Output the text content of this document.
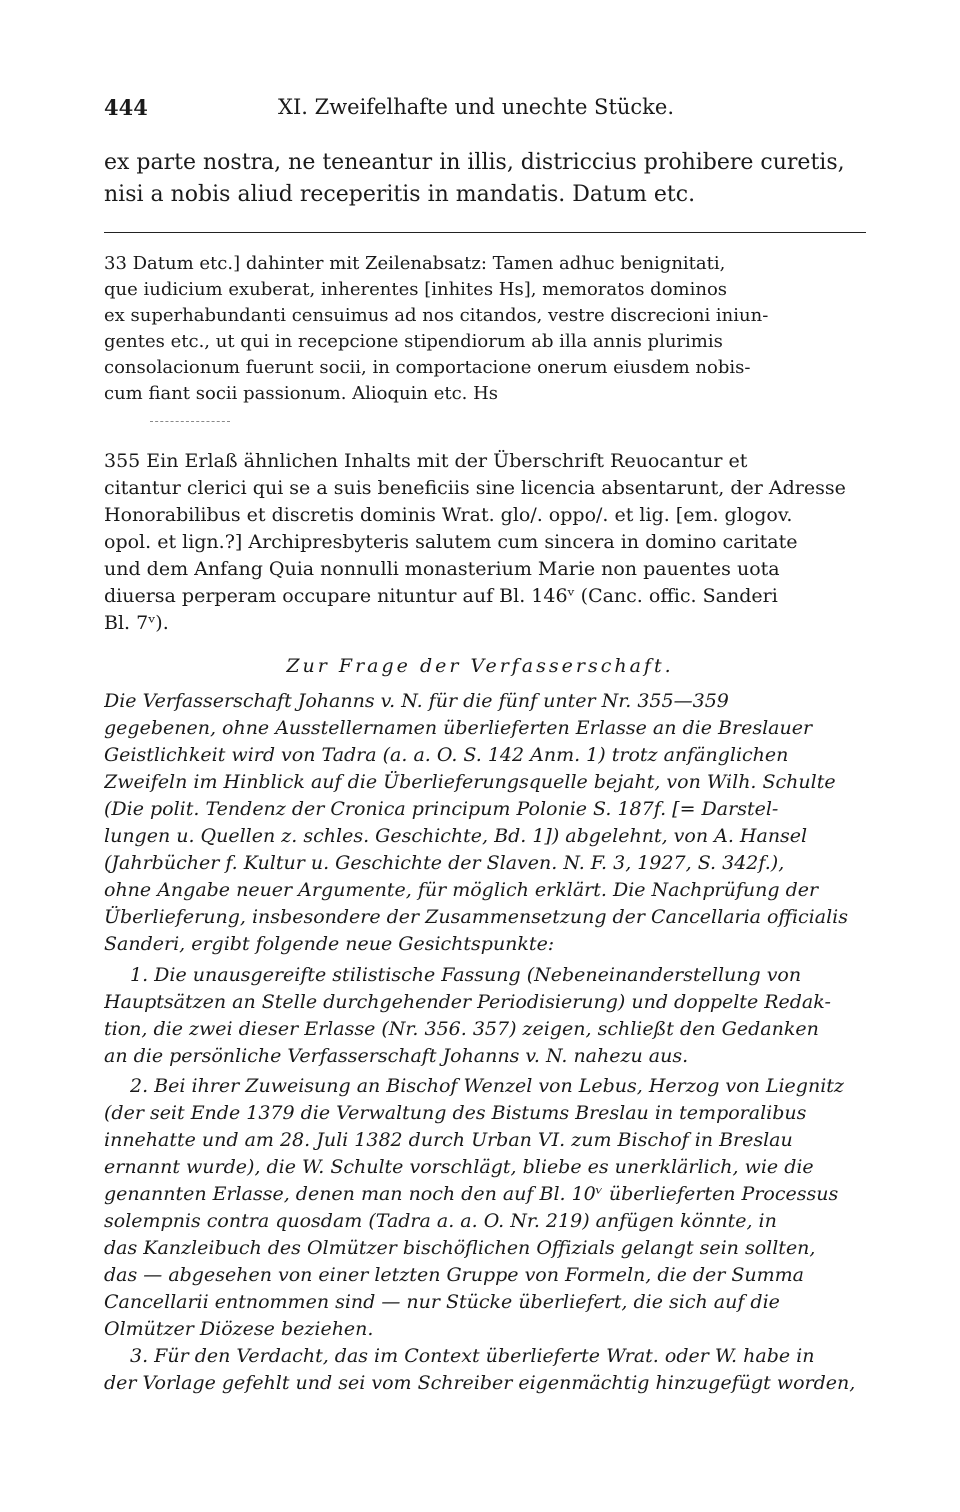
444	XI. Zweifelhafte und unechte Stücke.
ex parte nostra, ne teneantur in illis, districcius prohibere curetis,
nisi a nobis aliud receperitis in mandatis. Datum etc.
33 Datum etc.] dahinter mit Zeilenabsatz: Tamen adhuc benignitati,
que iudicium exuberat, inherentes [inhites Hs], memoratos dominos
ex superhabundanti censuimus ad nos citandos, vestre discrecioni iniun-
gentes etc., ut qui in recepcione stipendiorum ab illa annis plurimis
consolacionum fuerunt socii, in comportacione onerum eiusdem nobis-
cum fiant socii passionum. Alioquin etc. Hs
355 Ein Erlaß ähnlichen Inhalts mit der Überschrift Reuocantur et
citantur clerici qui se a suis beneficiis sine licencia absentarunt, der Adresse
Honorabilibus et discretis dominis Wrat. glo/. oppo/. et lig. [em. glogov.
opol. et lign.?] Archipresbyteris salutem cum sincera in domino caritate
und dem Anfang Quia nonnulli monasterium Marie non pauentes uota
diuersa perperam occupare nituntur auf Bl. 146ᵛ (Canc. offic. Sanderi
Bl. 7ᵛ).
Zur Frage der Verfasserschaft.
Die Verfasserschaft Johanns v. N. für die fünf unter Nr. 355—359
gegebenen, ohne Ausstellernamen überlieferten Erlasse an die Breslauer
Geistlichkeit wird von Tadra (a. a. O. S. 142 Anm. 1) trotz anfänglichen
Zweifeln im Hinblick auf die Überlieferungsquelle bejaht, von Wilh. Schulte
(Die polit. Tendenz der Cronica principum Polonie S. 187f. [= Darstel-
lungen u. Quellen z. schles. Geschichte, Bd. 1]) abgelehnt, von A. Hansel
(Jahrbücher f. Kultur u. Geschichte der Slaven. N. F. 3, 1927, S. 342f.),
ohne Angabe neuer Argumente, für möglich erklärt. Die Nachprüfung der
Überlieferung, insbesondere der Zusammensetzung der Cancellaria officialis
Sanderi, ergibt folgende neue Gesichtspunkte:
1. Die unausgereifte stilistische Fassung (Nebeneinanderstellung von
Hauptsätzen an Stelle durchgehender Periodisierung) und doppelte Redak-
tion, die zwei dieser Erlasse (Nr. 356. 357) zeigen, schließt den Gedanken
an die persönliche Verfasserschaft Johanns v. N. nahezu aus.
2. Bei ihrer Zuweisung an Bischof Wenzel von Lebus, Herzog von Liegnitz
(der seit Ende 1379 die Verwaltung des Bistums Breslau in temporalibus
innehatte und am 28. Juli 1382 durch Urban VI. zum Bischof in Breslau
ernannt wurde), die W. Schulte vorschlägt, bliebe es unerklärlich, wie die
genannten Erlasse, denen man noch den auf Bl. 10ᵛ überlieferten Processus
solempnis contra quosdam (Tadra a. a. O. Nr. 219) anfügen könnte, in
das Kanzleibuch des Olmützer bischöflichen Offizials gelangt sein sollten,
das — abgesehen von einer letzten Gruppe von Formeln, die der Summa
Cancellarii entnommen sind — nur Stücke überliefert, die sich auf die
Olmützer Diözese beziehen.
3. Für den Verdacht, das im Context überlieferte Wrat. oder W. habe in
der Vorlage gefehlt und sei vom Schreiber eigenmächtig hinzugefügt worden,
